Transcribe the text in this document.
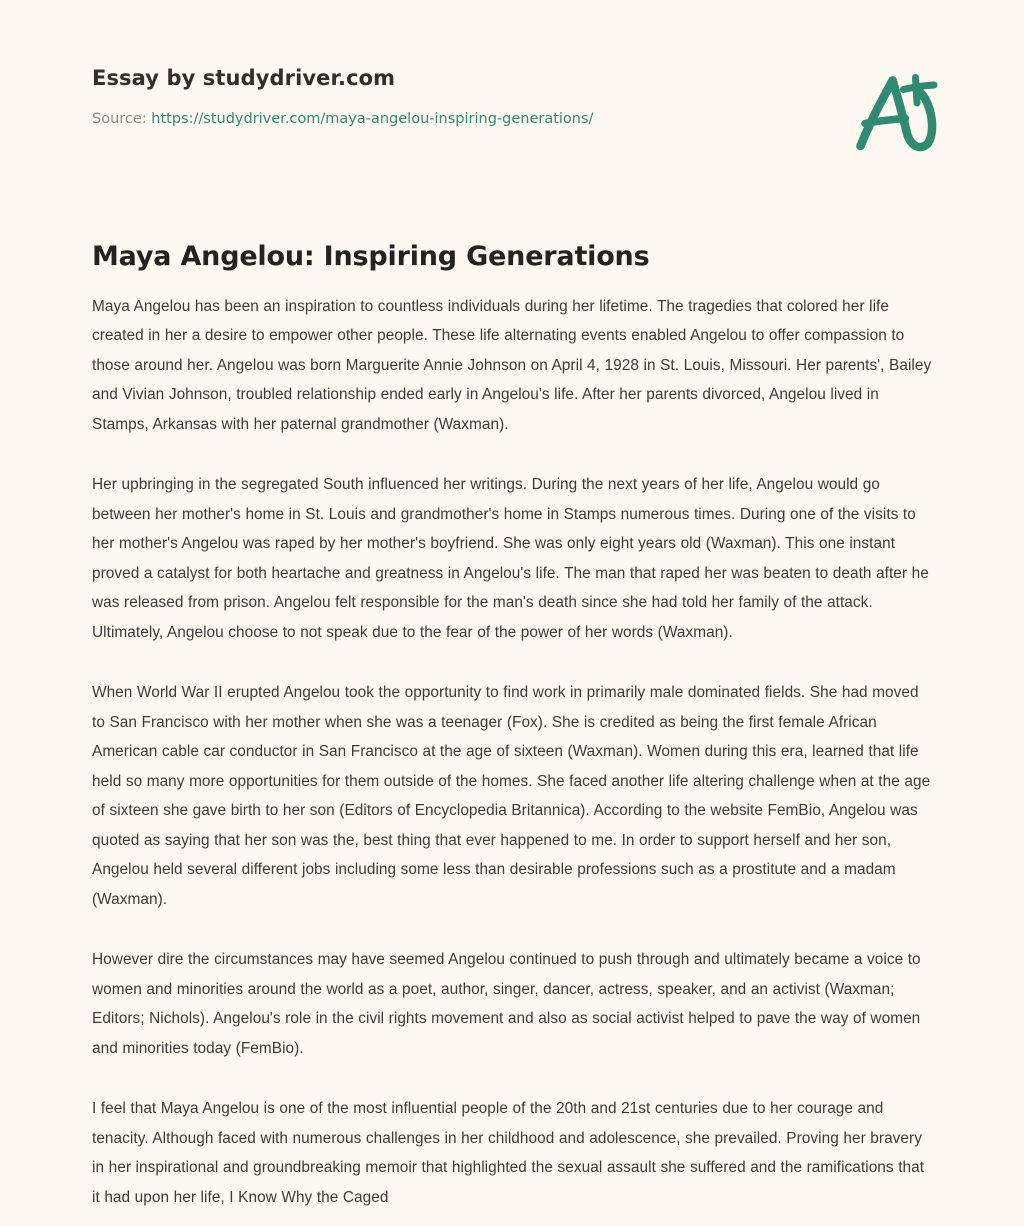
Essay by studydriver.com
Source: https://studydriver.com/maya-angelou-inspiring-generations/
Maya Angelou: Inspiring Generations

Maya Angelou has been an inspiration to countless individuals during her lifetime. The tragedies that colored her life created in her a desire to empower other people. These life alternating events enabled Angelou to offer compassion to those around her. Angelou was born Marguerite Annie Johnson on April 4, 1928 in St. Louis, Missouri. Her parents', Bailey and Vivian Johnson, troubled relationship ended early in Angelou's life. After her parents divorced, Angelou lived in Stamps, Arkansas with her paternal grandmother (Waxman).

Her upbringing in the segregated South influenced her writings. During the next years of her life, Angelou would go between her mother's home in St. Louis and grandmother's home in Stamps numerous times. During one of the visits to her mother's Angelou was raped by her mother's boyfriend. She was only eight years old (Waxman). This one instant proved a catalyst for both heartache and greatness in Angelou's life. The man that raped her was beaten to death after he was released from prison. Angelou felt responsible for the man's death since she had told her family of the attack. Ultimately, Angelou choose to not speak due to the fear of the power of her words (Waxman).

When World War II erupted Angelou took the opportunity to find work in primarily male dominated fields. She had moved to San Francisco with her mother when she was a teenager (Fox). She is credited as being the first female African American cable car conductor in San Francisco at the age of sixteen (Waxman). Women during this era, learned that life held so many more opportunities for them outside of the homes. She faced another life altering challenge when at the age of sixteen she gave birth to her son (Editors of Encyclopedia Britannica). According to the website FemBio, Angelou was quoted as saying that her son was the, best thing that ever happened to me. In order to support herself and her son, Angelou held several different jobs including some less than desirable professions such as a prostitute and a madam (Waxman).

However dire the circumstances may have seemed Angelou continued to push through and ultimately became a voice to women and minorities around the world as a poet, author, singer, dancer, actress, speaker, and an activist (Waxman; Editors; Nichols). Angelou's role in the civil rights movement and also as social activist helped to pave the way of women and minorities today (FemBio).

I feel that Maya Angelou is one of the most influential people of the 20th and 21st centuries due to her courage and tenacity. Although faced with numerous challenges in her childhood and adolescence, she prevailed. Proving her bravery in her inspirational and groundbreaking memoir that highlighted the sexual assault she suffered and the ramifications that it had upon her life, I Know Why the Caged
